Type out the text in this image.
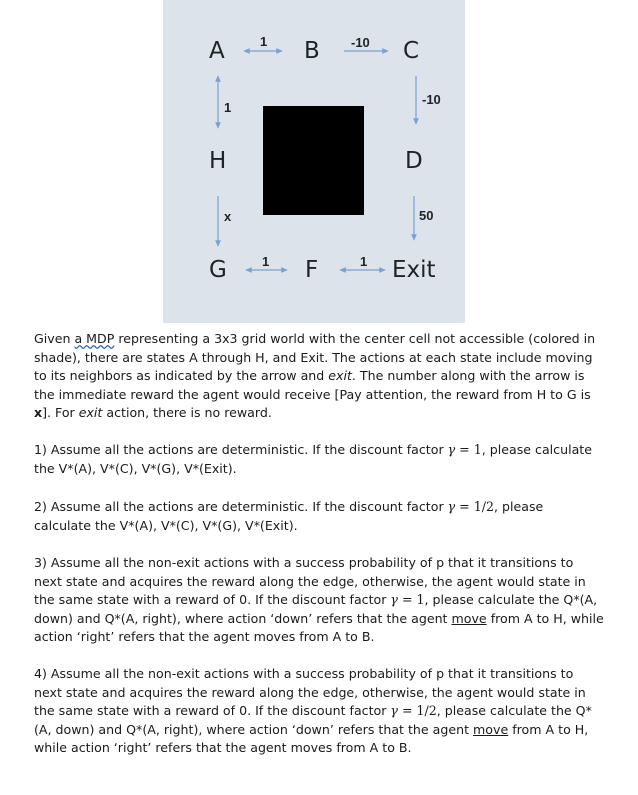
A	B	C
H	D
G	F	Exit
1	-10
1
-10
x	50
1	1

Given a MDP representing a 3x3 grid world with the center cell not accessible (colored in shade), there are states A through H, and Exit. The actions at each state include moving to its neighbors as indicated by the arrow and exit. The number along with the arrow is the immediate reward the agent would receive [Pay attention, the reward from H to G is x]. For exit action, there is no reward.

1) Assume all the actions are deterministic. If the discount factor γ = 1, please calculate the V*(A), V*(C), V*(G), V*(Exit).

2) Assume all the actions are deterministic. If the discount factor γ = 1/2, please calculate the V*(A), V*(C), V*(G), V*(Exit).

3) Assume all the non-exit actions with a success probability of p that it transitions to next state and acquires the reward along the edge, otherwise, the agent would state in the same state with a reward of 0. If the discount factor γ = 1, please calculate the Q*(A, down) and Q*(A, right), where action ‘down’ refers that the agent move from A to H, while action ‘right’ refers that the agent moves from A to B.

4) Assume all the non-exit actions with a success probability of p that it transitions to next state and acquires the reward along the edge, otherwise, the agent would state in the same state with a reward of 0. If the discount factor γ = 1/2, please calculate the Q*(A, down) and Q*(A, right), where action ‘down’ refers that the agent move from A to H, while action ‘right’ refers that the agent moves from A to B.
